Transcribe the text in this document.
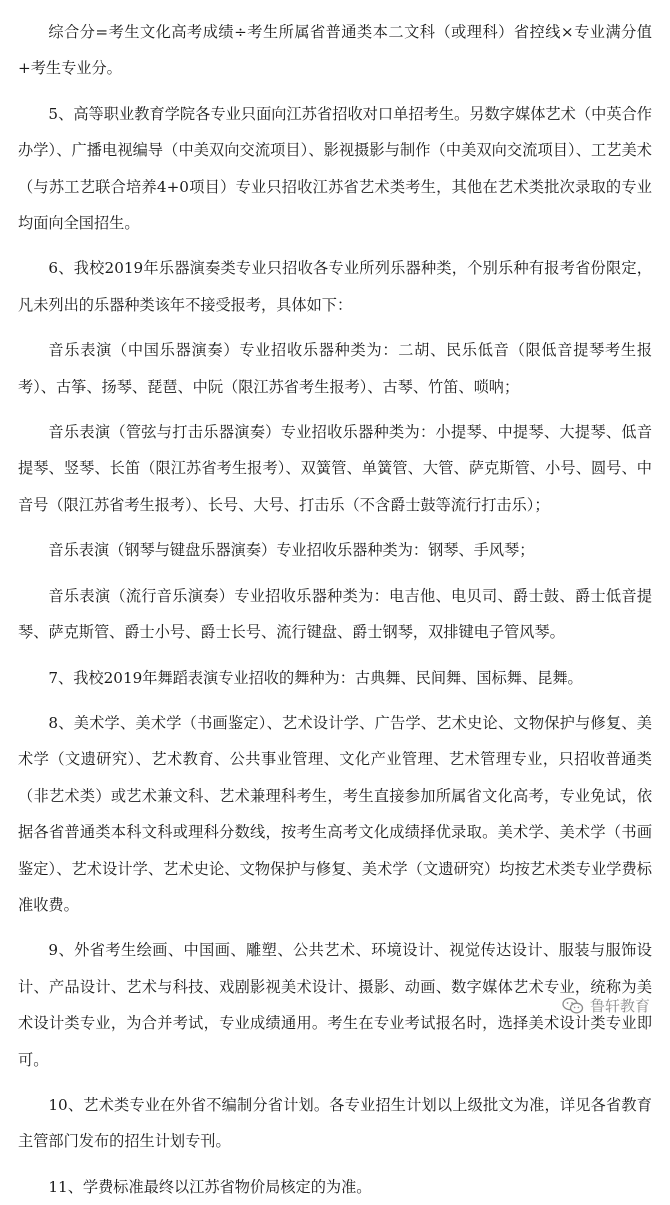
综合分=考生文化高考成绩÷考生所属省普通类本二文科（或理科）省控线×专业满分值+考生专业分。

5、高等职业教育学院各专业只面向江苏省招收对口单招考生。另数字媒体艺术（中英合作办学）、广播电视编导（中美双向交流项目）、影视摄影与制作（中美双向交流项目）、工艺美术（与苏工艺联合培养4+0项目）专业只招收江苏省艺术类考生，其他在艺术类批次录取的专业均面向全国招生。

6、我校2019年乐器演奏类专业只招收各专业所列乐器种类，个别乐种有报考省份限定，凡未列出的乐器种类该年不接受报考，具体如下：

音乐表演（中国乐器演奏）专业招收乐器种类为：二胡、民乐低音（限低音提琴考生报考）、古筝、扬琴、琵琶、中阮（限江苏省考生报考）、古琴、竹笛、唢呐；

音乐表演（管弦与打击乐器演奏）专业招收乐器种类为：小提琴、中提琴、大提琴、低音提琴、竖琴、长笛（限江苏省考生报考）、双簧管、单簧管、大管、萨克斯管、小号、圆号、中音号（限江苏省考生报考）、长号、大号、打击乐（不含爵士鼓等流行打击乐）；

音乐表演（钢琴与键盘乐器演奏）专业招收乐器种类为：钢琴、手风琴；

音乐表演（流行音乐演奏）专业招收乐器种类为：电吉他、电贝司、爵士鼓、爵士低音提琴、萨克斯管、爵士小号、爵士长号、流行键盘、爵士钢琴，双排键电子管风琴。

7、我校2019年舞蹈表演专业招收的舞种为：古典舞、民间舞、国标舞、昆舞。

8、美术学、美术学（书画鉴定）、艺术设计学、广告学、艺术史论、文物保护与修复、美术学（文遗研究）、艺术教育、公共事业管理、文化产业管理、艺术管理专业，只招收普通类（非艺术类）或艺术兼文科、艺术兼理科考生，考生直接参加所属省文化高考，专业免试，依据各省普通类本科文科或理科分数线，按考生高考文化成绩择优录取。美术学、美术学（书画鉴定）、艺术设计学、艺术史论、文物保护与修复、美术学（文遗研究）均按艺术类专业学费标准收费。

9、外省考生绘画、中国画、雕塑、公共艺术、环境设计、视觉传达设计、服装与服饰设计、产品设计、艺术与科技、戏剧影视美术设计、摄影、动画、数字媒体艺术专业，统称为美术设计类专业，为合并考试，专业成绩通用。考生在专业考试报名时，选择美术设计类专业即可。

10、艺术类专业在外省不编制分省计划。各专业招生计划以上级批文为准，详见各省教育主管部门发布的招生计划专刊。

11、学费标准最终以江苏省物价局核定的为准。

鲁轩教育
